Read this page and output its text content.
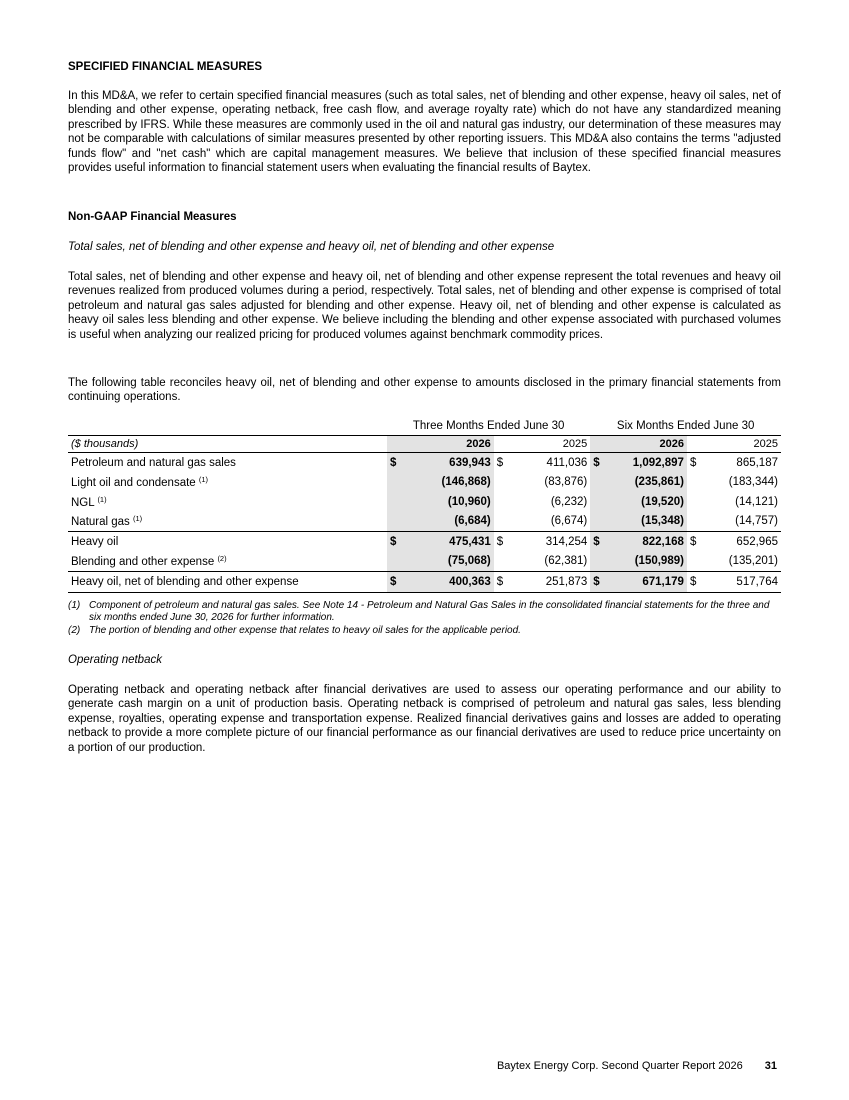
SPECIFIED FINANCIAL MEASURES

In this MD&A, we refer to certain specified financial measures (such as total sales, net of blending and other expense, heavy oil sales, net of blending and other expense, operating netback, free cash flow, and average royalty rate) which do not have any standardized meaning prescribed by IFRS. While these measures are commonly used in the oil and natural gas industry, our determination of these measures may not be comparable with calculations of similar measures presented by other reporting issuers. This MD&A also contains the terms "adjusted funds flow" and "net cash" which are capital management measures. We believe that inclusion of these specified financial measures provides useful information to financial statement users when evaluating the financial results of Baytex.

Non-GAAP Financial Measures
Total sales, net of blending and other expense and heavy oil, net of blending and other expense

Total sales, net of blending and other expense and heavy oil, net of blending and other expense represent the total revenues and heavy oil revenues realized from produced volumes during a period, respectively. Total sales, net of blending and other expense is comprised of total petroleum and natural gas sales adjusted for blending and other expense. Heavy oil, net of blending and other expense is calculated as heavy oil sales less blending and other expense. We believe including the blending and other expense associated with purchased volumes is useful when analyzing our realized pricing for produced volumes against benchmark commodity prices.

The following table reconciles heavy oil, net of blending and other expense to amounts disclosed in the primary financial statements from continuing operations.

	Three Months Ended June 30				Six Months Ended June 30			
($ thousands)		2026		2025		2026		2025
Petroleum and natural gas sales	$	639,943	$	411,036	$	1,092,897	$	865,187
Light oil and condensate $^{(1)}$		(146,868)		(83,876)		(235,861)		(183,344)
NGL $^{(1)}$		(10,960)		(6,232)		(19,520)		(14,121)
Natural gas $^{(1)}$		(6,684)		(6,674)		(15,348)		(14,757)
Heavy oil	$	475,431	$	314,254	$	822,168	$	652,965
Blending and other expense $^{(2)}$		(75,068)		(62,381)		(150,989)		(135,201)
Heavy oil, net of blending and other expense	$	400,363	$	251,873	$	671,179	$	517,764
(1) Component of petroleum and natural gas sales. See Note 14 - Petroleum and Natural Gas Sales in the consolidated financial statements for the three and six months ended June 30, 2026 for further information.
(2) The portion of blending and other expense that relates to heavy oil sales for the applicable period.
Operating netback

Operating netback and operating netback after financial derivatives are used to assess our operating performance and our ability to generate cash margin on a unit of production basis. Operating netback is comprised of petroleum and natural gas sales, less blending expense, royalties, operating expense and transportation expense. Realized financial derivatives gains and losses are added to operating netback to provide a more complete picture of our financial performance as our financial derivatives are used to reduce price uncertainty on a portion of our production.

Baytex Energy Corp. Second Quarter Report 2026 31
